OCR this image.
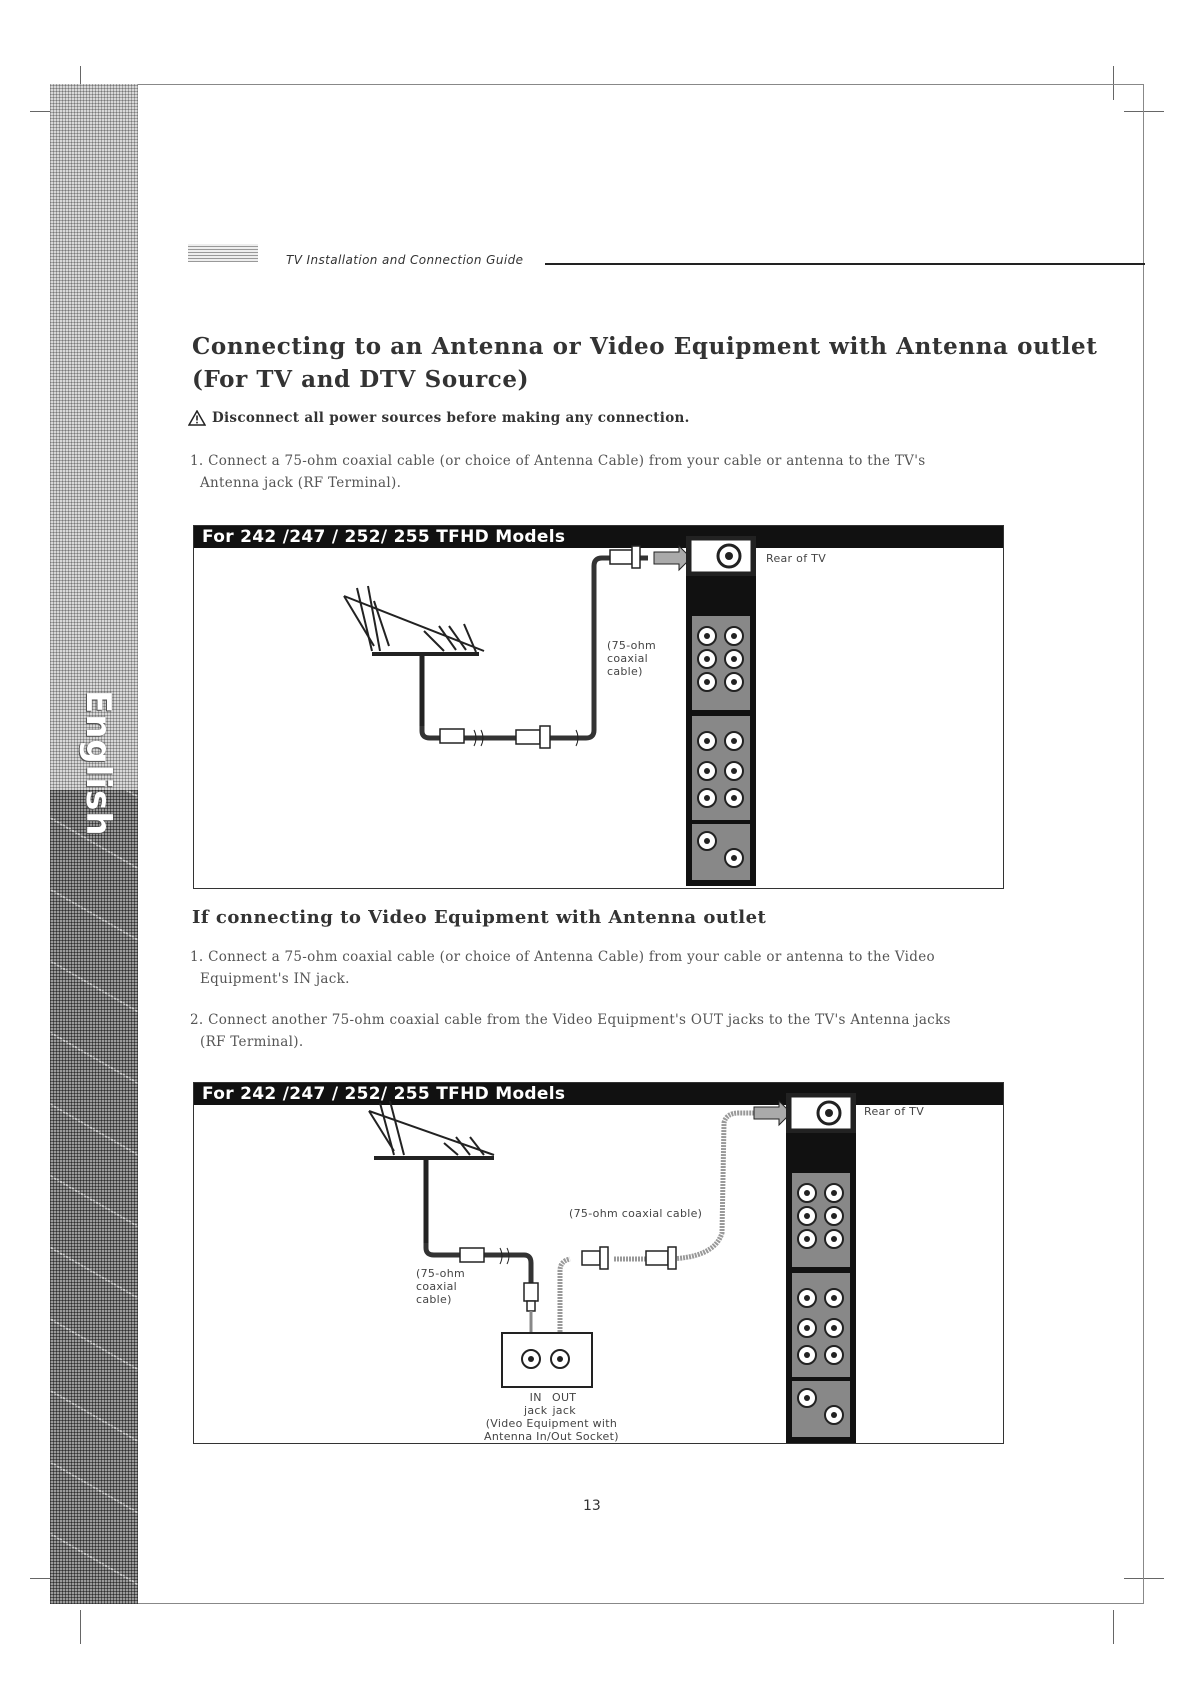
English
TV Installation and Connection Guide
Connecting to an Antenna or Video Equipment with Antenna outlet
(For TV and DTV Source)
Disconnect all power sources before making any connection.
1. Connect a 75-ohm coaxial cable (or choice of Antenna Cable) from your cable or antenna to the TV's
Antenna jack (RF Terminal).
For 242 /247 / 252/ 255 TFHD Models
Rear of TV
(75-ohm
coaxial
cable)
If connecting to Video Equipment with Antenna outlet
1. Connect a 75-ohm coaxial cable (or choice of Antenna Cable) from your cable or antenna to the Video
Equipment's IN jack.
2. Connect another 75-ohm coaxial cable from the Video Equipment's OUT jacks to the TV's Antenna jacks
(RF Terminal).
For 242 /247 / 252/ 255 TFHD Models
Rear of TV
(75-ohm coaxial cable)
(75-ohm
coaxial
cable)
IN
jack
OUT
jack
(Video Equipment with
Antenna In/Out Socket)
13
